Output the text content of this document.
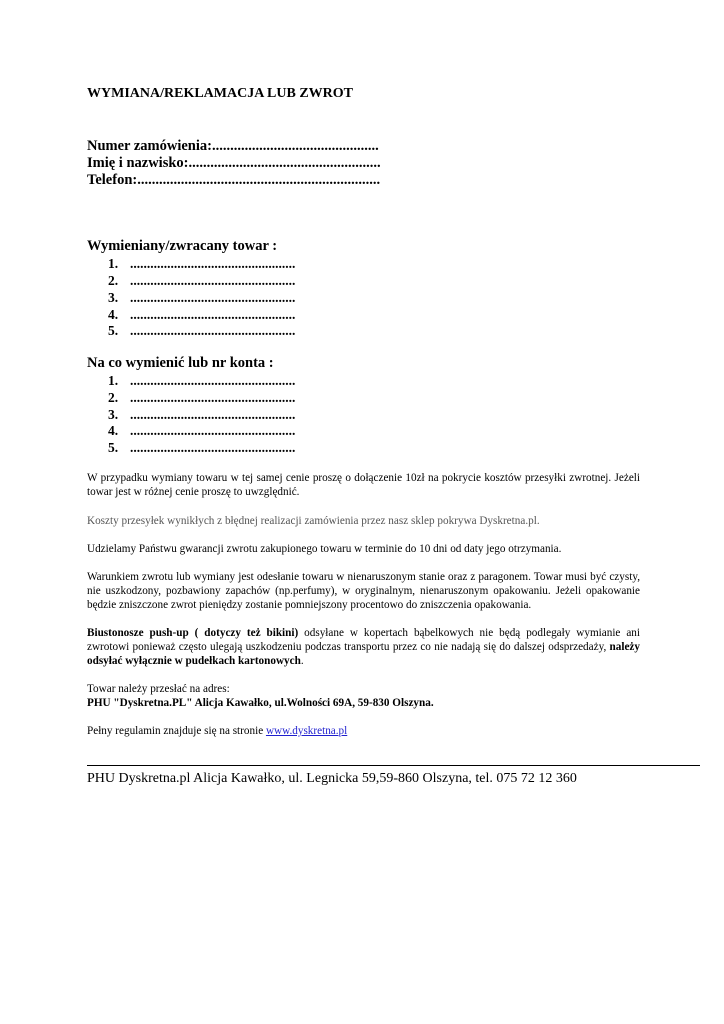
WYMIANA/REKLAMACJA LUB ZWROT
Numer zamówienia:..............................................
Imię i nazwisko:.....................................................
Telefon:...................................................................
Wymieniany/zwracany towar :
1. .................................................
2. .................................................
3. .................................................
4. .................................................
5. .................................................
Na co wymienić lub nr konta :
1. .................................................
2. .................................................
3. .................................................
4. .................................................
5. .................................................
W przypadku wymiany towaru w tej samej cenie proszę o dołączenie 10zł na pokrycie kosztów przesyłki zwrotnej. Jeżeli towar jest w różnej cenie proszę to uwzględnić.
Koszty przesyłek wynikłych z błędnej realizacji zamówienia przez nasz sklep pokrywa Dyskretna.pl.
Udzielamy Państwu gwarancji zwrotu zakupionego towaru w terminie do 10 dni od daty jego otrzymania.
Warunkiem zwrotu lub wymiany jest odesłanie towaru w nienaruszonym stanie oraz z paragonem. Towar musi być czysty, nie uszkodzony, pozbawiony zapachów (np.perfumy), w oryginalnym, nienaruszonym opakowaniu. Jeżeli opakowanie będzie zniszczone zwrot pieniędzy zostanie pomniejszony procentowo do zniszczenia opakowania.
Biustonosze push-up ( dotyczy też bikini) odsyłane w kopertach bąbelkowych nie będą podlegały wymianie ani zwrotowi ponieważ często ulegają uszkodzeniu podczas transportu przez co nie nadają się do dalszej odsprzedaży, należy odsyłać wyłącznie w pudełkach kartonowych.
Towar należy przesłać na adres:
PHU "Dyskretna.PL" Alicja Kawałko, ul.Wolności 69A, 59-830 Olszyna.
Pełny regulamin znajduje się na stronie www.dyskretna.pl
PHU Dyskretna.pl Alicja Kawałko, ul. Legnicka 59,59-860 Olszyna, tel. 075 72 12 360
